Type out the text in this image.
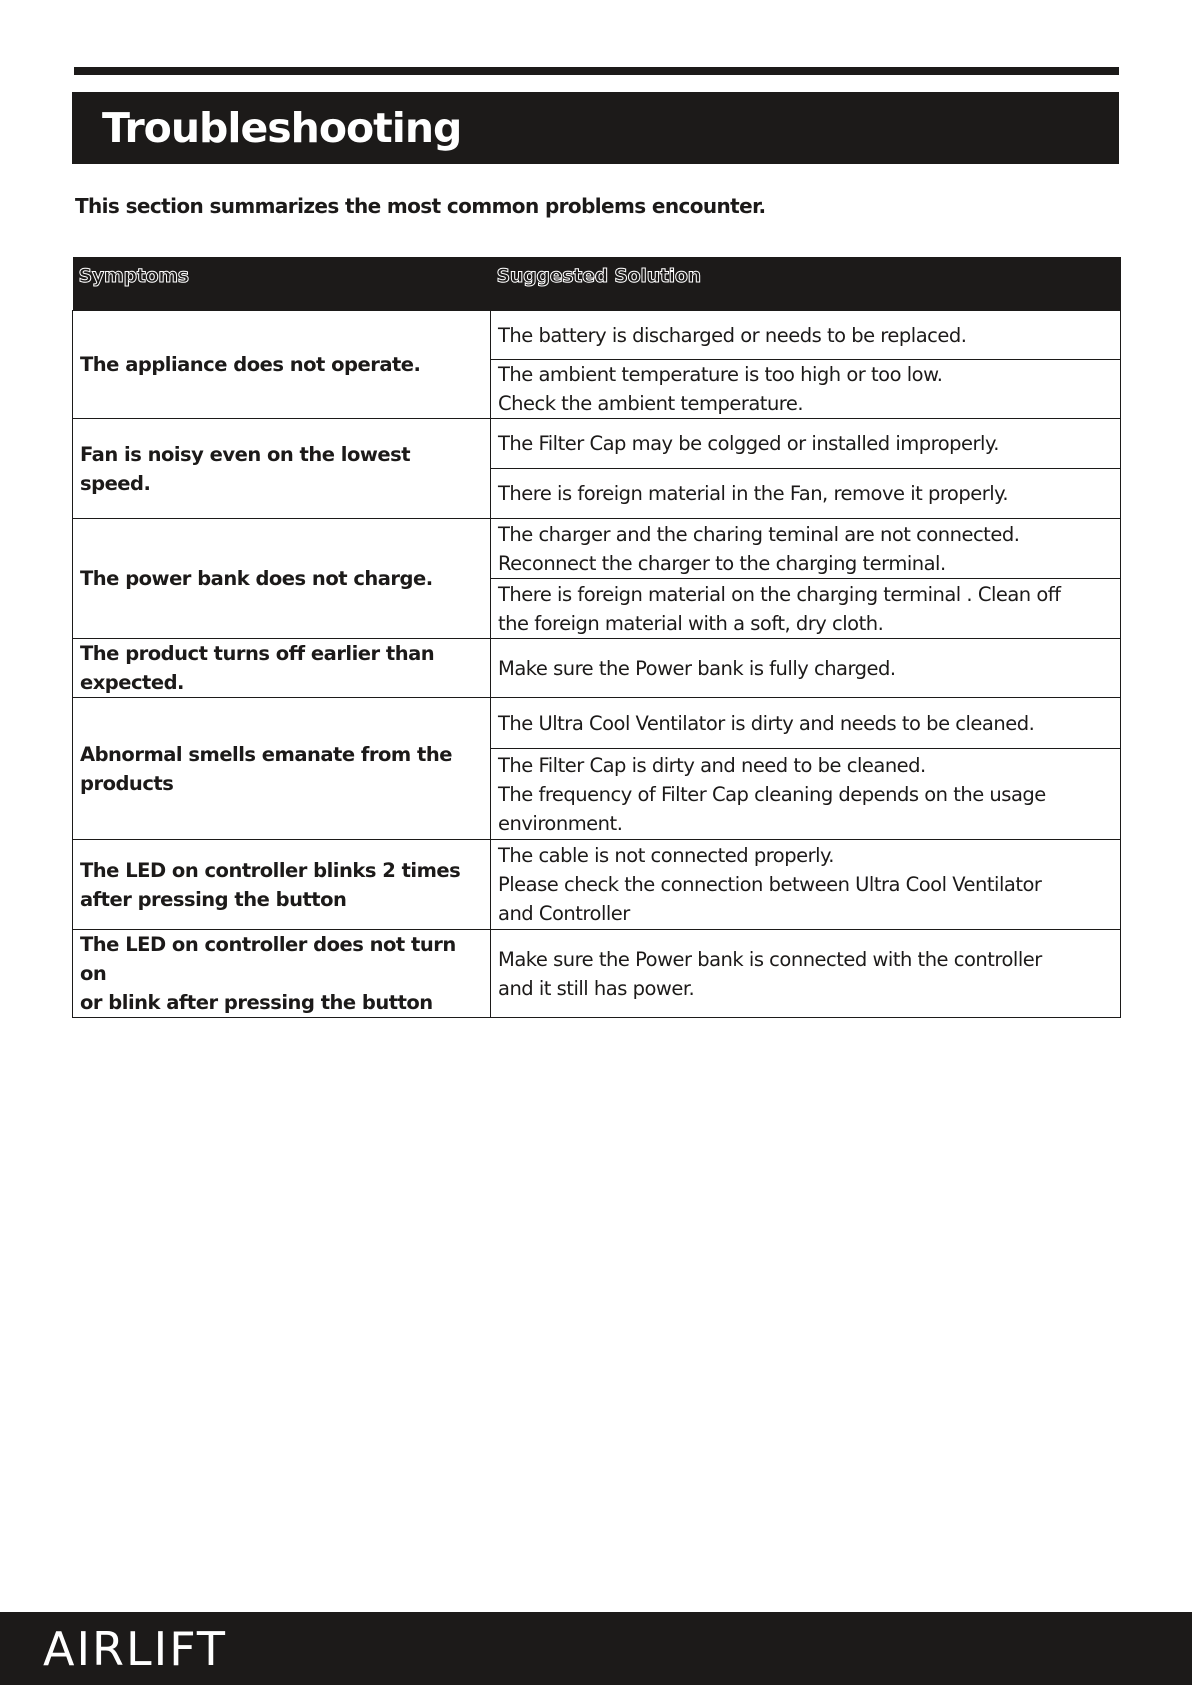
Troubleshooting
This section summarizes the most common problems encounter.
Symptoms	Suggested Solution
The appliance does not operate.	The battery is discharged or needs to be replaced.
	The ambient temperature is too high or too low.
Check the ambient temperature.
Fan is noisy even on the lowest speed.	The Filter Cap may be colgged or installed improperly.
	There is foreign material in the Fan, remove it properly.
The power bank does not charge.	The charger and the charing teminal are not connected.
Reconnect the charger to the charging terminal.
	There is foreign material on the charging terminal . Clean off
the foreign material with a soft, dry cloth.
The product turns off earlier than
expected.	Make sure the Power bank is fully charged.
Abnormal smells emanate from the
products	The Ultra Cool Ventilator is dirty and needs to be cleaned.
	The Filter Cap is dirty and need to be cleaned.
The frequency of Filter Cap cleaning depends on the usage
environment.
The LED on controller blinks 2 times
after pressing the button	The cable is not connected properly.
Please check the connection between Ultra Cool Ventilator
and Controller
The LED on controller does not turn on
or blink after pressing the button	Make sure the Power bank is connected with the controller
and it still has power.
AIRLIFT
